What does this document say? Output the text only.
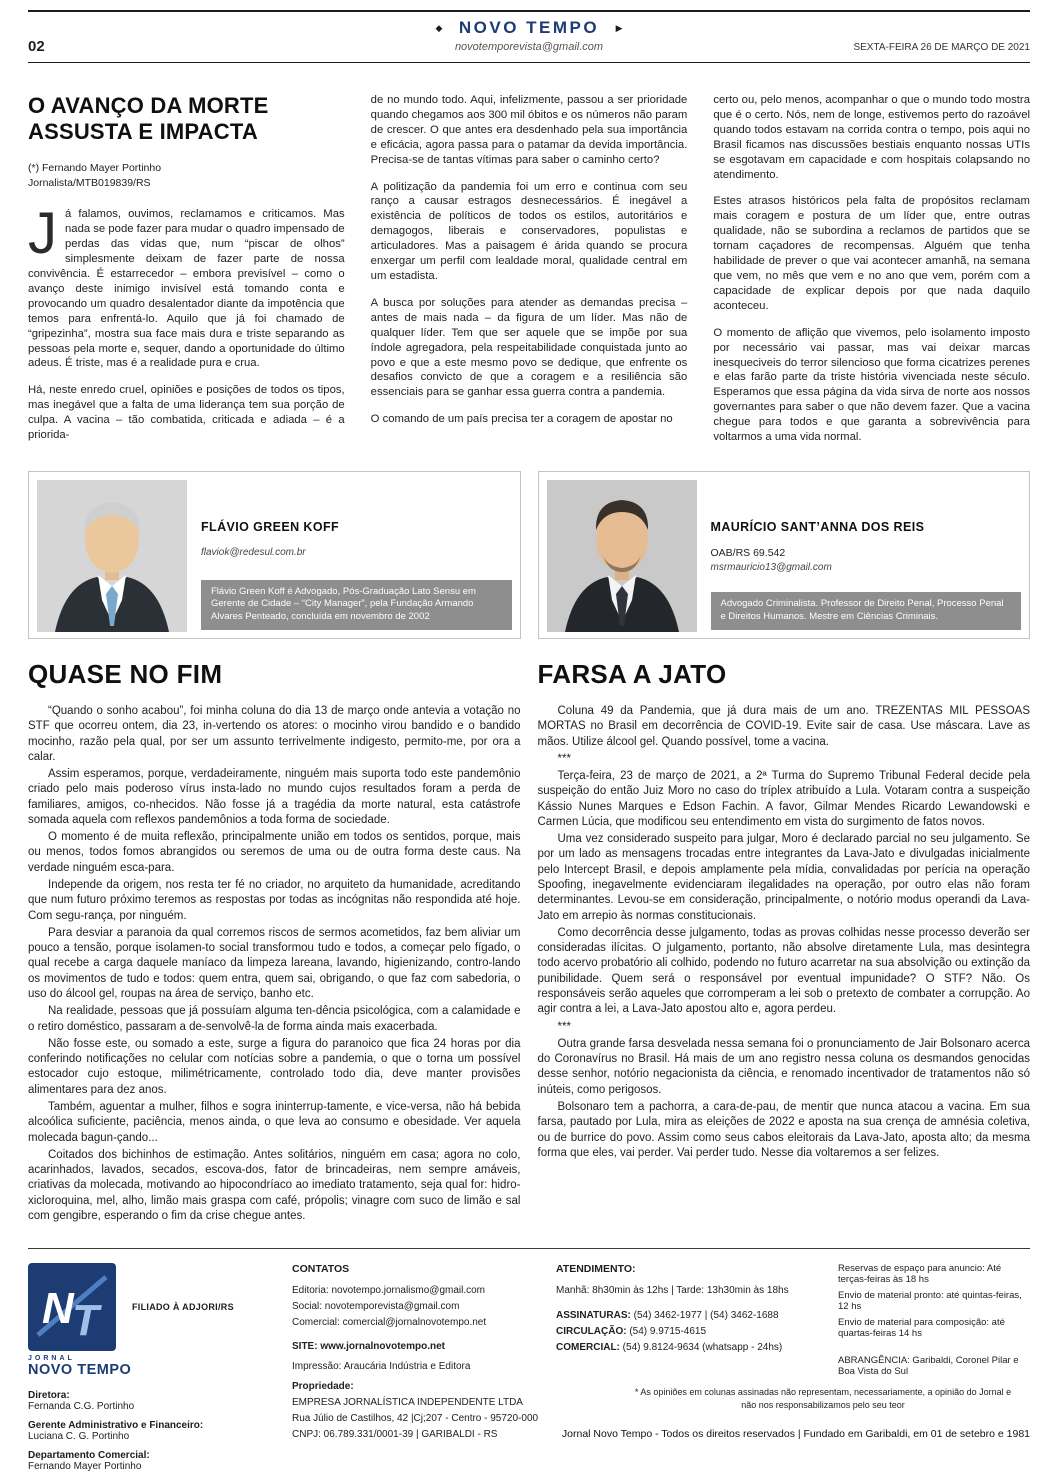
02
◆ NOVO TEMPO ▶
novotemporevista@gmail.com	SEXTA-FEIRA 26 DE MARÇO DE 2021
O AVANÇO DA MORTE
ASSUSTA E IMPACTA
(*) Fernando Mayer Portinho
Jornalista/MTB019839/RS

Já falamos, ouvimos, reclamamos e criticamos. Mas nada se pode fazer para mudar o quadro impensado de perdas das vidas que, num “piscar de olhos” simplesmente deixam de fazer parte de nossa convivência. É estarrecedor – embora previsível – como o avanço deste inimigo invisível está tomando conta e provocando um quadro desalentador diante da impotência que temos para enfrentá-lo. Aquilo que já foi chamado de “gripezinha”, mostra sua face mais dura e triste separando as pessoas pela morte e, sequer, dando a oportunidade do último adeus. É triste, mas é a realidade pura e crua.

Há, neste enredo cruel, opiniões e posições de todos os tipos, mas inegável que a falta de uma liderança tem sua porção de culpa. A vacina – tão combatida, criticada e adiada – é a priorida-

de no mundo todo. Aqui, infelizmente, passou a ser prioridade quando chegamos aos 300 mil óbitos e os números não param de crescer. O que antes era desdenhado pela sua importância e eficácia, agora passa para o patamar da devida importância. Precisa-se de tantas vítimas para saber o caminho certo?

A politização da pandemia foi um erro e continua com seu ranço a causar estragos desnecessários. É inegável a existência de políticos de todos os estilos, autoritários e demagogos, liberais e conservadores, populistas e articuladores. Mas a paisagem é árida quando se procura enxergar um perfil com lealdade moral, qualidade central em um estadista.

A busca por soluções para atender as demandas precisa – antes de mais nada – da figura de um líder. Mas não de qualquer líder. Tem que ser aquele que se impõe por sua índole agregadora, pela respeitabilidade conquistada junto ao povo e que a este mesmo povo se dedique, que enfrente os desafios convicto de que a coragem e a resiliência são essenciais para se ganhar essa guerra contra a pandemia.

O comando de um país precisa ter a coragem de apostar no

certo ou, pelo menos, acompanhar o que o mundo todo mostra que é o certo. Nós, nem de longe, estivemos perto do razoável quando todos estavam na corrida contra o tempo, pois aqui no Brasil ficamos nas discussões bestiais enquanto nossas UTIs se esgotavam em capacidade e com hospitais colapsando no atendimento.

Estes atrasos históricos pela falta de propósitos reclamam mais coragem e postura de um líder que, entre outras qualidade, não se subordina a reclamos de partidos que se tornam caçadores de recompensas. Alguém que tenha habilidade de prever o que vai acontecer amanhã, na semana que vem, no mês que vem e no ano que vem, porém com a capacidade de explicar depois por que nada daquilo aconteceu.

O momento de aflição que vivemos, pelo isolamento imposto por necessário vai passar, mas vai deixar marcas inesqueciveis do terror silencioso que forma cicatrizes perenes e elas farão parte da triste história vivenciada neste século. Esperamos que essa página da vida sirva de norte aos nossos governantes para saber o que não devem fazer. Que a vacina chegue para todos e que garanta a sobrevivência para voltarmos a uma vida normal.

FLÁVIO GREEN KOFF
flaviok@redesul.com.br
Flávio Green Koff é Advogado, Pós-Graduação Lato Sensu em Gerente de Cidade – “City Manager”, pela Fundação Armando Alvares Penteado, concluída em novembro de 2002
MAURÍCIO SANT’ANNA DOS REIS
OAB/RS 69.542
msrmauricio13@gmail.com
Advogado Criminalista. Professor de Direito Penal, Processo Penal e Direitos Humanos. Mestre em Ciências Criminais.
QUASE NO FIM

“Quando o sonho acabou”, foi minha coluna do dia 13 de março onde antevia a votação no STF que ocorreu ontem, dia 23, in-vertendo os atores: o mocinho virou bandido e o bandido mocinho, razão pela qual, por ser um assunto terrivelmente indigesto, permito-me, por ora a calar.

Assim esperamos, porque, verdadeiramente, ninguém mais suporta todo este pandemônio criado pelo mais poderoso vírus insta-lado no mundo cujos resultados foram a perda de familiares, amigos, co-nhecidos. Não fosse já a tragédia da morte natural, esta catástrofe somada aquela com reflexos pandemônios a toda forma de sociedade.

O momento é de muita reflexão, principalmente união em todos os sentidos, porque, mais ou menos, todos fomos abrangidos ou seremos de uma ou de outra forma deste caus. Na verdade ninguém esca-para.

Independe da origem, nos resta ter fé no criador, no arquiteto da humanidade, acreditando que num futuro próximo teremos as respostas por todas as incógnitas não respondida até hoje. Com segu-rança, por ninguém.

Para desviar a paranoia da qual corremos riscos de sermos acometidos, faz bem aliviar um pouco a tensão, porque isolamen-to social transformou tudo e todos, a começar pelo fígado, o qual recebe a carga daquele maníaco da limpeza lareana, lavando, higienizando, contro-lando os movimentos de tudo e todos: quem entra, quem sai, obrigando, o que faz com sabedoria, o uso do álcool gel, roupas na área de serviço, banho etc.

Na realidade, pessoas que já possuíam alguma ten-dência psicológica, com a calamidade e o retiro doméstico, passaram a de-senvolvê-la de forma ainda mais exacerbada.

Não fosse este, ou somado a este, surge a figura do paranoico que fica 24 horas por dia conferindo notificações no celular com notícias sobre a pandemia, o que o torna um possível estocador cujo estoque, milimétricamente, controlado todo dia, deve manter provisões alimentares para dez anos.

Também, aguentar a mulher, filhos e sogra ininterrup-tamente, e vice-versa, não há bebida alcoólica suficiente, paciência, menos ainda, o que leva ao consumo e obesidade. Ver aquela molecada bagun-çando...

Coitados dos bichinhos de estimação. Antes solitários, ninguém em casa; agora no colo, acarinhados, lavados, secados, escova-dos, fator de brincadeiras, nem sempre amáveis, criativas da molecada, motivando ao hipocondríaco ao imediato tratamento, seja qual for: hidro-xicloroquina, mel, alho, limão mais graspa com café, própolis; vinagre com suco de limão e sal com gengibre, esperando o fim da crise chegue antes.

FARSA A JATO

Coluna 49 da Pandemia, que já dura mais de um ano. TREZENTAS MIL PESSOAS MORTAS no Brasil em decorrência de COVID-19. Evite sair de casa. Use máscara. Lave as mãos. Utilize álcool gel. Quando possível, tome a vacina.

***

Terça-feira, 23 de março de 2021, a 2ª Turma do Supremo Tribunal Federal decide pela suspeição do então Juiz Moro no caso do tríplex atribuído a Lula. Votaram contra a suspeição Kássio Nunes Marques e Edson Fachin. A favor, Gilmar Mendes Ricardo Lewandowski e Carmen Lúcia, que modificou seu entendimento em vista do surgimento de fatos novos.

Uma vez considerado suspeito para julgar, Moro é declarado parcial no seu julgamento. Se por um lado as mensagens trocadas entre integrantes da Lava-Jato e divulgadas inicialmente pelo Intercept Brasil, e depois amplamente pela mídia, convalidadas por perícia na operação Spoofing, inegavelmente evidenciaram ilegalidades na operação, por outro elas não foram determinantes. Levou-se em consideração, principalmente, o notório modus operandi da Lava-Jato em arrepio às normas constitucionais.

Como decorrência desse julgamento, todas as provas colhidas nesse processo deverão ser consideradas ilícitas. O julgamento, portanto, não absolve diretamente Lula, mas desintegra todo acervo probatório ali colhido, podendo no futuro acarretar na sua absolvição ou extinção da punibilidade. Quem será o responsável por eventual impunidade? O STF? Não. Os responsáveis serão aqueles que corromperam a lei sob o pretexto de combater a corrupção. Ao agir contra a lei, a Lava-Jato apostou alto e, agora perdeu.

***

Outra grande farsa desvelada nessa semana foi o pronunciamento de Jair Bolsonaro acerca do Coronavírus no Brasil. Há mais de um ano registro nessa coluna os desmandos genocidas desse senhor, notório negacionista da ciência, e renomado incentivador de tratamentos não só inúteis, como perigosos.

Bolsonaro tem a pachorra, a cara-de-pau, de mentir que nunca atacou a vacina. Em sua farsa, pautado por Lula, mira as eleições de 2022 e aposta na sua crença de amnésia coletiva, ou de burrice do povo. Assim como seus cabos eleitorais da Lava-Jato, aposta alto; da mesma forma que eles, vai perder. Vai perder tudo. Nesse dia voltaremos a ser felizes.

N
T	FILIADO À ADJORI/RS
JORNAL
NOVO TEMPO
Diretora:
Fernanda C.G. Portinho
Gerente Administrativo e Financeiro:
Luciana C. G. Portinho
Departamento Comercial:
Fernando Mayer Portinho
CONTATOS
Editoria: novotempo.jornalismo@gmail.com
Social: novotemporevista@gmail.com
Comercial: comercial@jornalnovotempo.net
SITE: www.jornalnovotempo.net
Impressão: Araucária Indústria e Editora
Propriedade:
EMPRESA JORNALÍSTICA INDEPENDENTE LTDA
Rua Júlio de Castilhos, 42 |Cj;207 - Centro - 95720-000
CNPJ: 06.789.331/0001-39 | GARIBALDI - RS
ATENDIMENTO:
Manhã: 8h30min às 12hs | Tarde: 13h30min às 18hs
ASSINATURAS: (54) 3462-1977 | (54) 3462-1688
CIRCULAÇÃO: (54) 9.9715-4615
COMERCIAL: (54) 9.8124-9634 (whatsapp - 24hs)
Reservas de espaço para anuncio: Até terças-feiras às 18 hs
Envio de material pronto: até quintas-feiras, 12 hs
Envio de material para composição: até quartas-feiras 14 hs
ABRANGÊNCIA: Garibaldi, Coronel Pilar e Boa Vista do Sul
* As opiniões em colunas assinadas não representam, necessariamente, a opinião do Jornal e não nos responsabilizamos pelo seu teor
Jornal Novo Tempo - Todos os direitos reservados | Fundado em Garibaldi, em 01 de setebro e 1981
